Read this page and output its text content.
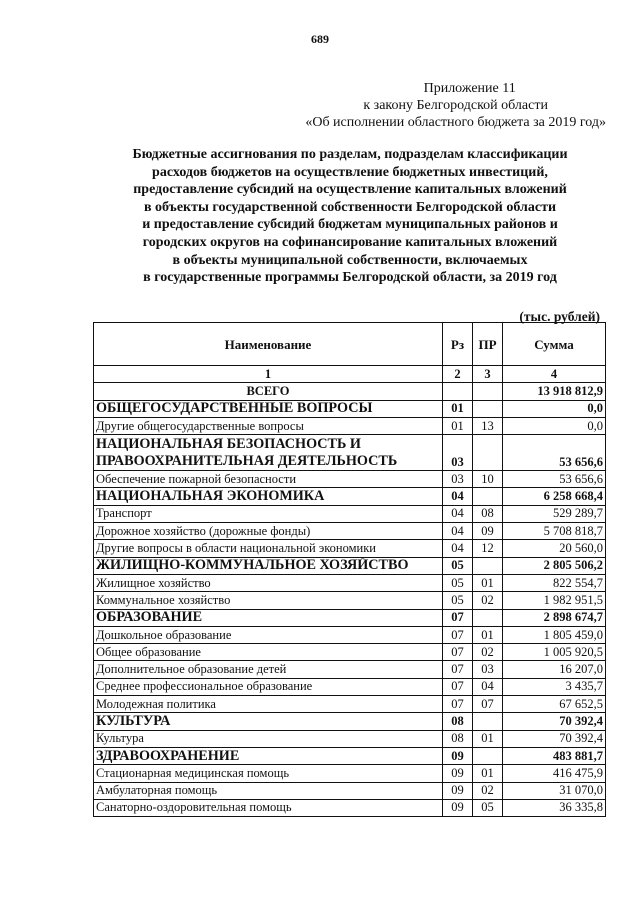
689
Приложение 11
к закону Белгородской области
«Об исполнении областного бюджета за 2019 год»
Бюджетные ассигнования по разделам, подразделам классификации
расходов бюджетов на осуществление бюджетных инвестиций,
предоставление субсидий на осуществление капитальных вложений
в объекты государственной собственности Белгородской области
и предоставление субсидий бюджетам муниципальных районов и
городских округов на софинансирование капитальных вложений
в объекты муниципальной собственности, включаемых
в государственные программы Белгородской области, за 2019 год
(тыс. рублей)
Наименование	Рз	ПР	Сумма
1	2	3	4
ВСЕГО			13 918 812,9
ОБЩЕГОСУДАРСТВЕННЫЕ ВОПРОСЫ	01		0,0
Другие общегосударственные вопросы	01	13	0,0
НАЦИОНАЛЬНАЯ БЕЗОПАСНОСТЬ И ПРАВООХРАНИТЕЛЬНАЯ ДЕЯТЕЛЬНОСТЬ	03		53 656,6
Обеспечение пожарной безопасности	03	10	53 656,6
НАЦИОНАЛЬНАЯ ЭКОНОМИКА	04		6 258 668,4
Транспорт	04	08	529 289,7
Дорожное хозяйство (дорожные фонды)	04	09	5 708 818,7
Другие вопросы в области национальной экономики	04	12	20 560,0
ЖИЛИЩНО-КОММУНАЛЬНОЕ ХОЗЯЙСТВО	05		2 805 506,2
Жилищное хозяйство	05	01	822 554,7
Коммунальное хозяйство	05	02	1 982 951,5
ОБРАЗОВАНИЕ	07		2 898 674,7
Дошкольное образование	07	01	1 805 459,0
Общее образование	07	02	1 005 920,5
Дополнительное образование детей	07	03	16 207,0
Среднее профессиональное образование	07	04	3 435,7
Молодежная политика	07	07	67 652,5
КУЛЬТУРА	08		70 392,4
Культура	08	01	70 392,4
ЗДРАВООХРАНЕНИЕ	09		483 881,7
Стационарная медицинская помощь	09	01	416 475,9
Амбулаторная помощь	09	02	31 070,0
Санаторно-оздоровительная помощь	09	05	36 335,8
